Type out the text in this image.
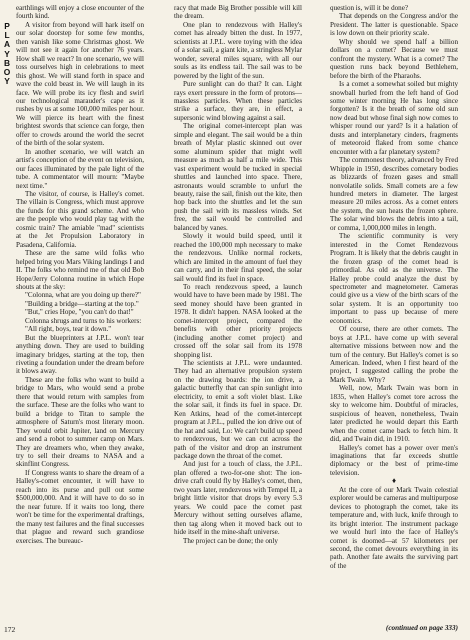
P
L
A
Y
B
O
Y

earthlings will enjoy a close encounter of the fourth kind.

A visitor from beyond will hark itself on our solar doorstep for some few months, then vanish like some Christmas ghost. We will not see it again for another 76 years. How shall we react? In one scenario, we will toss ourselves high in celebrations to meet this ghost. We will stand forth in space and wave the cold beast in. We will laugh in its face. We will probe its icy flesh and swirl our technological marauder's cape as it rushes by us at some 100,000 miles per hour. We will pierce its heart with the finest brightest swords that science can forge, then offer to crowds around the world the secret of the birth of the solar system.

In another scenario, we will watch an artist's conception of the event on television, our faces illuminated by the pale light of the tube. A commentator will mourn: "Maybe next time."

The visitor, of course, is Halley's comet. The villain is Congress, which must approve the funds for this grand scheme. And who are the people who would play tag with the cosmic train? The amiable "mad" scientists at the Jet Propulsion Laboratory in Pasadena, California.

These are the same wild folks who helped bring you Mars Viking landings I and II. The folks who remind me of that old Bob Hope/Jerry Colonna routine in which Hope shouts at the sky:

"Colonna, what are you doing up there?"

"Building a bridge—starting at the top."

"But," cries Hope, "you can't do that!"

Colonna shrugs and turns to his workers:

"All right, boys, tear it down."

But the blueprinters at J.P.L. won't tear anything down. They are used to building imaginary bridges, starting at the top, then riveting a foundation under the dream before it blows away.

These are the folks who want to build a bridge to Mars, who would send a probe there that would return with samples from the surface. These are the folks who want to build a bridge to Titan to sample the atmosphere of Saturn's most literary moon. They would orbit Jupiter, land on Mercury and send a robot to summer camp on Mars. They are dreamers who, when they awake, try to sell their dreams to NASA and a skinflint Congress.

If Congress wants to share the dream of a Halley's-comet encounter, it will have to reach into its purse and pull out some $500,000,000. And it will have to do so in the near future. If it waits too long, there won't be time for the experimental draftings, the many test failures and the final successes that plague and reward such grandiose exercises. The bureauc-

racy that made Big Brother possible will kill the dream.

One plan to rendezvous with Halley's comet has already bitten the dust. In 1977, scientists at J.P.L. were toying with the idea of a solar sail, a giant kite, a stringless Mylar wonder, several miles square, with all our souls as its endless tail. The sail was to be powered by the light of the sun.

Pure sunlight can do that? It can. Light rays exert pressure in the form of protons—massless particles. When these particles strike a surface, they are, in effect, a supersonic wind blowing against a sail.

The original comet-intercept plan was simple and elegant. The sail would be a thin breath of Mylar plastic skinned out over some aluminum spider that might well measure as much as half a mile wide. This vast experiment would be tucked in special shuttles and launched into space. There, astronauts would scramble to unfurl the beauty, raise the sail, finish out the kite, then hop back into the shuttles and let the sun push the sail with its massless winds. Set free, the sail would be controlled and balanced by vanes.

Slowly it would build speed, until it reached the 100,000 mph necessary to make the rendezvous. Unlike normal rockets, which are limited in the amount of fuel they can carry, and in their final speed, the solar sail would find its fuel in space.

To reach rendezvous speed, a launch would have to have been made by 1981. The seed money should have been granted in 1978. It didn't happen. NASA looked at the comet-intercept project, compared the benefits with other priority projects (including another comet project) and crossed off the solar sail from its 1978 shopping list.

The scientists at J.P.L. were undaunted. They had an alternative propulsion system on the drawing boards: the ion drive, a galactic butterfly that can spin sunlight into electricity, to emit a soft violet blast. Like the solar sail, it finds its fuel in space. Dr. Ken Atkins, head of the comet-intercept program at J.P.L., pulled the ion drive out of the hat and said, Lo: We can't build up speed to rendezvous, but we can cut across the path of the visitor and drop an instrument package down the throat of the comet.

And just for a touch of class, the J.P.L. plan offered a two-for-one shot: The ion-drive craft could fly by Halley's comet, then, two years later, rendezvous with Tempel II, a bright little visitor that drops by every 5.3 years. We could pace the comet past Mercury without setting ourselves aflame, then tag along when it moved back out to hide itself in the mine-shaft universe.

The project can be done; the only

question is, will it be done?

That depends on the Congress and/or the President. The latter is questionable. Space is low down on their priority scale.

Why should we spend half a billion dollars on a comet? Because we must confront the mystery. What is a comet? The question runs back beyond Bethlehem, before the birth of the Pharaohs.

Is a comet a somewhat soiled but mighty snowball hurled from the left hand of God some winter morning He has long since forgotten? Is it the breath of some old sun now dead but whose final sigh now comes to whisper round our yard? Is it a halation of dusts and interplanetary cinders, fragments of meteoroid flaked from some chance encounter with a far planetary system?

The commonest theory, advanced by Fred Whipple in 1950, describes cometary bodies as blizzards of frozen gases and small nonvolatile solids. Small comets are a few hundred meters in diameter. The largest measure 20 miles across. As a comet enters the system, the sun heats the frozen sphere. The solar wind blows the debris into a tail, or comma, 1,000,000 miles in length.

The scientific community is very interested in the Comet Rendezvous Program. It is likely that the debris caught in the frozen grasp of the comet head is primordial. As old as the universe. The Halley probe could analyze the dust by spectrometer and magnetometer. Cameras could give us a view of the birth scars of the solar system. It is an opportunity too important to pass up because of mere economics.

Of course, there are other comets. The boys at J.P.L. have come up with several alternative missions between now and the turn of the century. But Halley's comet is so American. Indeed, when I first heard of the project, I suggested calling the probe the Mark Twain. Why?

Well, now, Mark Twain was born in 1835, when Halley's comet tore across the sky to welcome him. Doubtful of miracles, suspicious of heaven, nonetheless, Twain later predicted he would depart this Earth when the comet came back to fetch him. It did, and Twain did, in 1910.

Halley's comet has a power over men's imaginations that far exceeds shuttle diplomacy or the best of prime-time television.

♦

At the core of our Mark Twain celestial explorer would be cameras and multipurpose devices to photograph the comet, take its temperature and, with luck, knife through to its bright interior. The instrument package we would hurl into the face of Halley's comet is doomed—at 57 kilometers per second, the comet devours everything in its path. Another fate awaits the surviving part of the

172	(continued on page 333)
